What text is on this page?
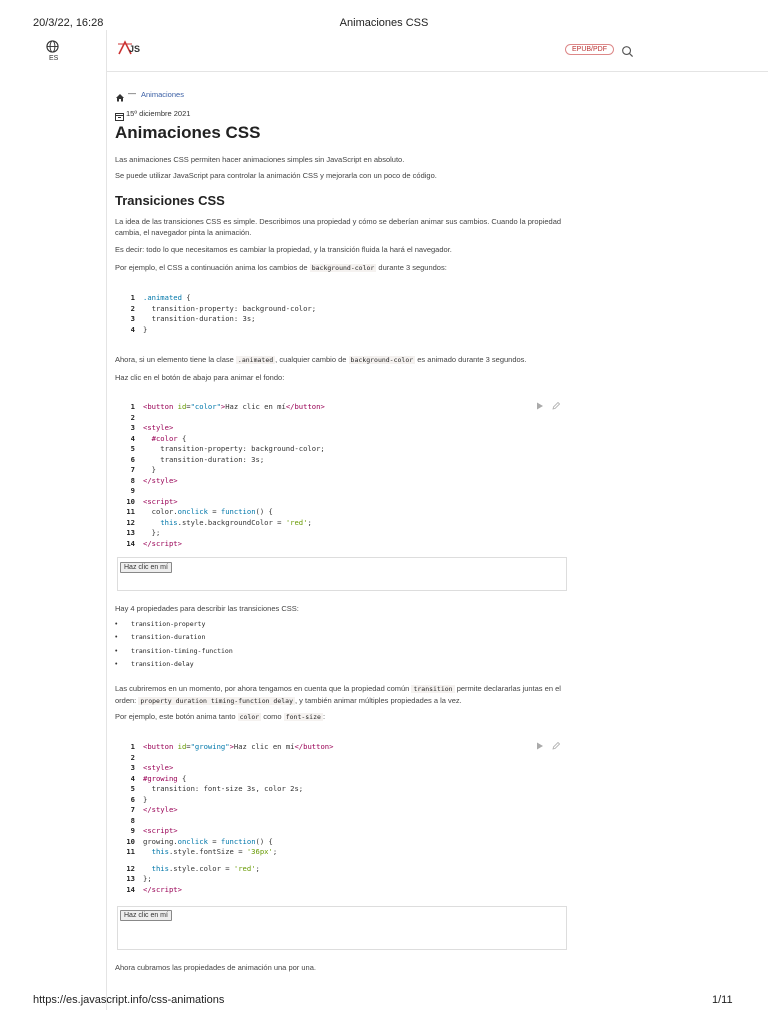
20/3/22, 16:28	Animaciones CSS
ES
JS	EPUB/PDF
— Animaciones
15º diciembre 2021
Animaciones CSS
Las animaciones CSS permiten hacer animaciones simples sin JavaScript en absoluto.
Se puede utilizar JavaScript para controlar la animación CSS y mejorarla con un poco de código.
Transiciones CSS
La idea de las transiciones CSS es simple. Describimos una propiedad y cómo se deberían animar sus cambios. Cuando la propiedad cambia, el navegador pinta la animación.
Es decir: todo lo que necesitamos es cambiar la propiedad, y la transición fluida la hará el navegador.
Por ejemplo, el CSS a continuación anima los cambios de background-color durante 3 segundos:
1 .animated {
2  transition-property: background-color;
3  transition-duration: 3s;
4 }
Ahora, si un elemento tiene la clase .animated , cualquier cambio de background-color es animado durante 3 segundos.
Haz clic en el botón de abajo para animar el fondo:
1 <button id="color">Haz clic en mí</button>
2
3 <style>
4 #color {
5    transition-property: background-color;
6    transition-duration: 3s;
7  }
8 </style>
9
10 <script>
11  color.onclick = function() {
12	this.style.backgroundColor = 'red';
13  };
14 </script>
Haz clic en mí
Hay 4 propiedades para describir las transiciones CSS:
• transition-property
• transition-duration
• transition-timing-function
• transition-delay
Las cubriremos en un momento, por ahora tengamos en cuenta que la propiedad común transition permite declararlas juntas en el orden: property duration timing-function delay , y también animar múltiples propiedades a la vez.
Por ejemplo, este botón anima tanto color como font-size :
1 <button id="growing">Haz clic en mí</button>
2
3 <style>
4 #growing {
5  transition: font-size 3s, color 2s;
6 }
7 </style>
8
9 <script>
10 growing.onclick = function() {
11 this.style.fontSize = '36px';
12 this.style.color = 'red';
13 };
14 </script>
Haz clic en mí
Ahora cubramos las propiedades de animación una por una.
https://es.javascript.info/css-animations	1/11
